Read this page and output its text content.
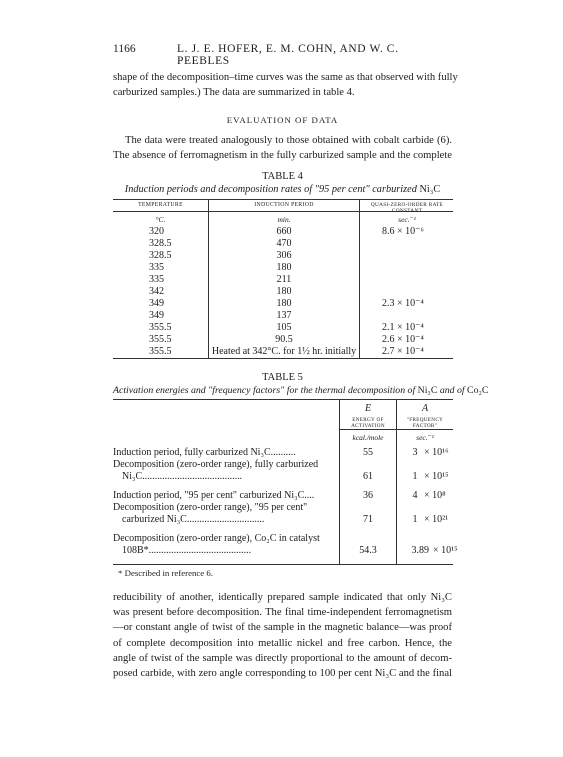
1166	L. J. E. HOFER, E. M. COHN, AND W. C. PEEBLES
shape of the decomposition–time curves was the same as that observed with fully
carburized samples.) The data are summarized in table 4.
EVALUATION OF DATA
The data were treated analogously to those obtained with cobalt carbide (6).
The absence of ferromagnetism in the fully carburized sample and the complete
TABLE 4
Induction periods and decomposition rates of "95 per cent" carburized Ni₃C
TEMPERATURE	INDUCTION PERIOD	QUASI-ZERO-ORDER RATE CONSTANT
°C.	min.	sec.⁻¹
320	660	8.6 × 10⁻⁶
328.5	470
328.5	306
335	180
335	211
342	180
349	180	2.3 × 10⁻⁴
349	137
355.5	105	2.1 × 10⁻⁴
355.5	90.5	2.6 × 10⁻⁴
355.5	Heated at 342°C. for 1½ hr. initially	2.7 × 10⁻⁴
TABLE 5
Activation energies and "frequency factors" for the thermal decomposition of Ni₃C and of Co₂C
E
ENERGY OF ACTIVATION
A
"FREQUENCY FACTOR"
kcal./mole	sec.⁻¹
Induction period, fully carburized Ni₃C..........	55	3 × 10¹⁶
Decomposition (zero-order range), fully carburized
Ni₃C........................................	61	1 × 10¹⁵
Induction period, "95 per cent" carburized Ni₃C....	36	4 × 10⁸
Decomposition (zero-order range), "95 per cent"
carburized Ni₃C...............................	71	1 × 10²¹
Decomposition (zero-order range), Co₂C in catalyst
108B*.........................................	54.3	3.89 × 10¹⁵
* Described in reference 6.
reducibility of another, identically prepared sample indicated that only Ni₃C
was present before decomposition. The final time-independent ferromagnetism
—or constant angle of twist of the sample in the magnetic balance—was proof
of complete decomposition into metallic nickel and free carbon. Hence, the
angle of twist of the sample was directly proportional to the amount of decom-
posed carbide, with zero angle corresponding to 100 per cent Ni₃C and the final
